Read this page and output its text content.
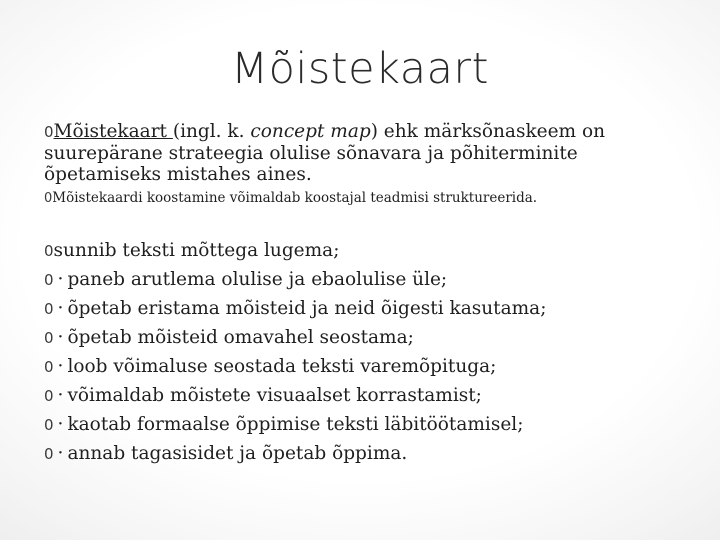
Mõistekaart
0Mõistekaart (ingl. k. concept map) ehk märksõnaskeem on suurepärane strateegia olulise sõnavara ja põhiterminite õpetamiseks mistahes aines.
0Mõistekaardi koostamine võimaldab koostajal teadmisi struktureerida.
0sunnib teksti mõttega lugema;
0 · paneb arutlema olulise ja ebaolulise üle;
0 · õpetab eristama mõisteid ja neid õigesti kasutama;
0 · õpetab mõisteid omavahel seostama;
0 · loob võimaluse seostada teksti varemõpituga;
0 · võimaldab mõistete visuaalset korrastamist;
0 · kaotab formaalse õppimise teksti läbitöötamisel;
0 · annab tagasisidet ja õpetab õppima.
